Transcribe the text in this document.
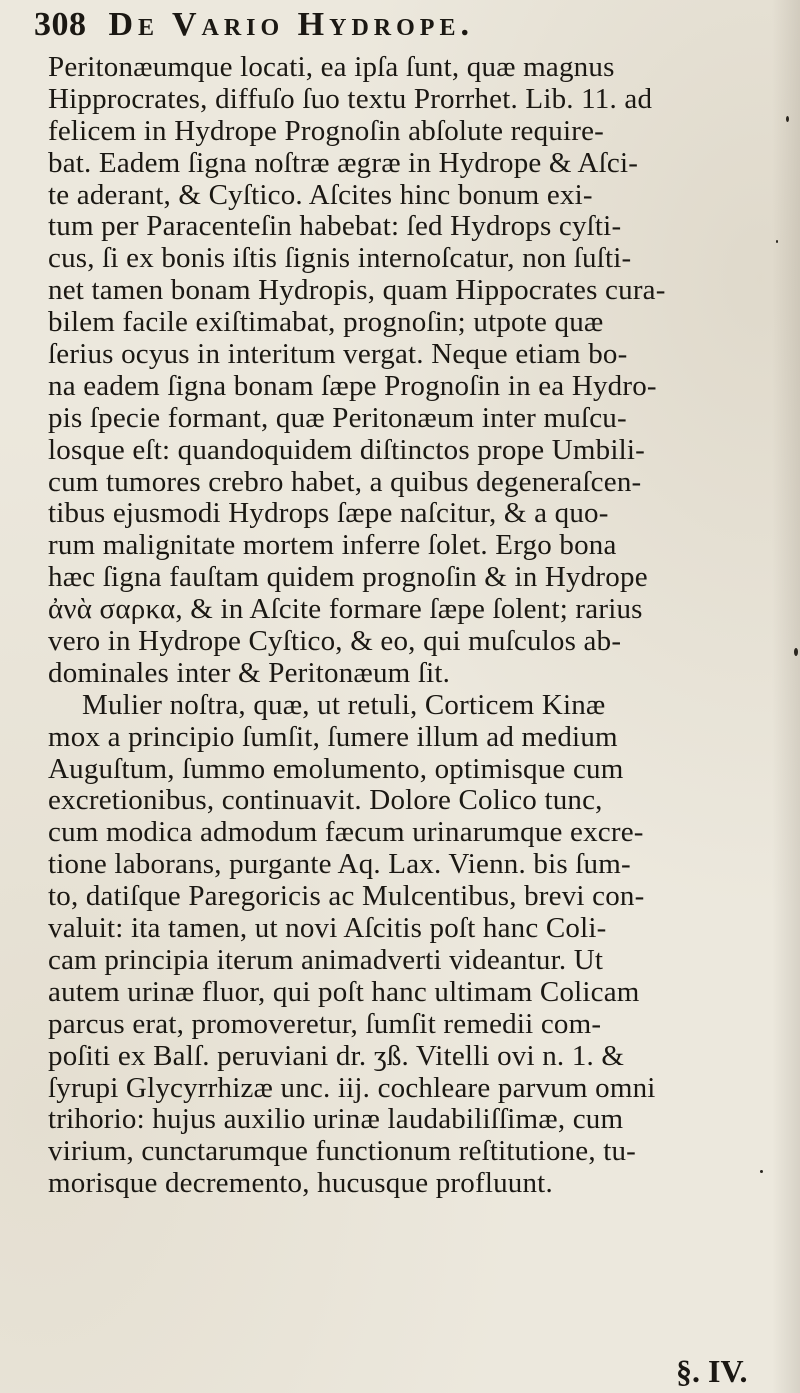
308 De Vario Hydrope.
Peritonæumque locati, ea ipſa ſunt, quæ magnus
Hipprocrates, diffuſo ſuo textu Prorrhet. Lib. 11. ad
felicem in Hydrope Prognoſin abſolute require-
bat. Eadem ſigna noſtræ ægræ in Hydrope & Aſci-
te aderant, & Cyſtico. Aſcites hinc bonum exi-
tum per Paracenteſin habebat: ſed Hydrops cyſti-
cus, ſi ex bonis iſtis ſignis internoſcatur, non ſuſti-
net tamen bonam Hydropis, quam Hippocrates cura-
bilem facile exiſtimabat, prognoſin; utpote quæ
ſerius ocyus in interitum vergat. Neque etiam bo-
na eadem ſigna bonam ſæpe Prognoſin in ea Hydro-
pis ſpecie formant, quæ Peritonæum inter muſcu-
losque eſt: quandoquidem diſtinctos prope Umbili-
cum tumores crebro habet, a quibus degeneraſcen-
tibus ejusmodi Hydrops ſæpe naſcitur, & a quo-
rum malignitate mortem inferre ſolet. Ergo bona
hæc ſigna fauſtam quidem prognoſin & in Hydrope
ἀνὰ σαρκα, & in Aſcite formare ſæpe ſolent; rarius
vero in Hydrope Cyſtico, & eo, qui muſculos ab-
dominales inter & Peritonæum ſit.
Mulier noſtra, quæ, ut retuli, Corticem Kinæ
mox a principio ſumſit, ſumere illum ad medium
Auguſtum, ſummo emolumento, optimisque cum
excretionibus, continuavit. Dolore Colico tunc,
cum modica admodum fæcum urinarumque excre-
tione laborans, purgante Aq. Lax. Vienn. bis ſum-
to, datiſque Paregoricis ac Mulcentibus, brevi con-
valuit: ita tamen, ut novi Aſcitis poſt hanc Coli-
cam principia iterum animadverti videantur. Ut
autem urinæ fluor, qui poſt hanc ultimam Colicam
parcus erat, promoveretur, ſumſit remedii com-
poſiti ex Balſ. peruviani dr. ʒß. Vitelli ovi n. 1. &
ſyrupi Glycyrrhizæ unc. iij. cochleare parvum omni
trihorio: hujus auxilio urinæ laudabiliſſimæ, cum
virium, cunctarumque functionum reſtitutione, tu-
morisque decremento, hucusque profluunt.
§. IV.
